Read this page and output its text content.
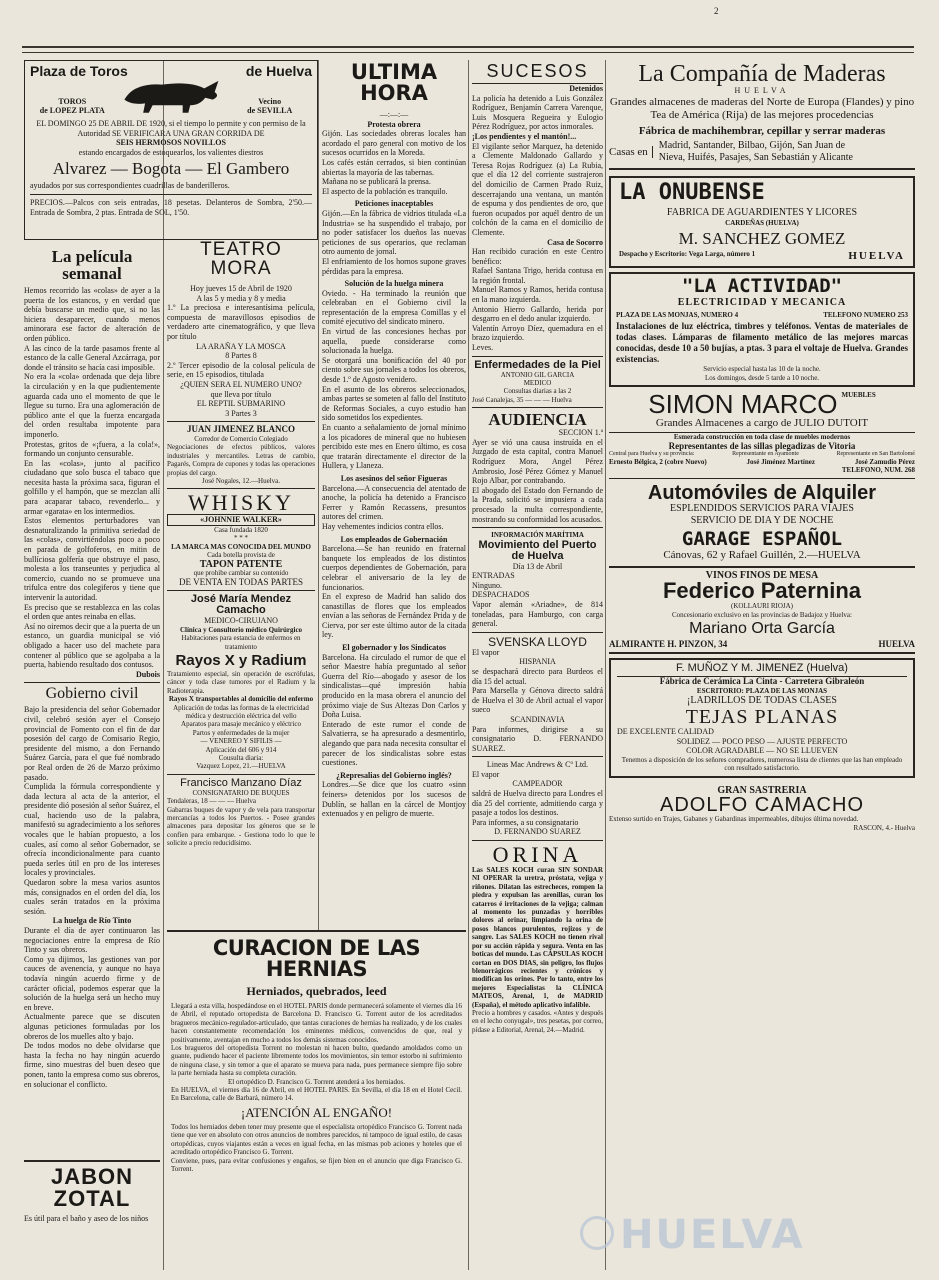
2
Plaza de Toros	de Huelva
TOROS
de LOPEZ PLATA
Vecino
de SEVILLA

EL DOMINGO 25 DE ABRIL DE 1920, si el tiempo lo permite y con permiso de la Autoridad SE VERIFICARA UNA GRAN CORRIDA DE

SEIS HERMOSOS NOVILLOS

estando encargados de estoquearlos, los valientes diestros

Alvarez — Bogota — El Gambero

ayudados por sus correspondientes cuadrillas de banderilleros.

PRECIOS.—Palcos con seis entradas, 18 pesetas. Delanteros de Sombra, 2'50.—Entrada de Sombra, 2 ptas. Entrada de SOL, 1'50.

La película semanal

Hemos recorrido las «colas» de ayer a la puerta de los estancos, y en verdad que debía buscarse un medio que, si no las hiciera desaparecer, cuando menos aminorara ese factor de alteración de orden público.

A las cinco de la tarde pasamos frente al estanco de la calle General Azcárraga, por donde el tránsito se hacía casi imposible.

No era la «cola» ordenada que deja libre la circulación y en la que pudientemente aguarda cada uno el momento de que le llegue su turno. Era una aglomeración de público ante el que la fuerza encargada del orden resultaba impotente para imponerlo.

Protestas, gritos de «¡fuera, a la cola!», formando un conjunto censurable.

En las «colas», junto al pacífico ciudadano que solo busca el tabaco que necesita hasta la próxima saca, figuran el golfillo y el hampón, que se mezclan allí para acaparar tabaco, revenderlo... y armar «garata» en los intermedios.

Estos elementos perturbadores van desnaturalizando la primitiva seriedad de las «colas», convirtiéndolas poco a poco en parada de golfoferos, en mitin de bullíciosa golfería que obstruye el paso, molesta a los transeuntes y perjudica al comercio, cuando no se promueve una trifulca entre dos colegiferos y tiene que intervenir la autoridad.

Es preciso que se restablezca en las colas el orden que antes reinaba en ellas.

Así no oiremos decir que a la puerta de un estanco, un guardia municipal se vió obligado a hacer uso del machete para contener al público que se agolpaba a la puerta, habiendo resultado dos contusos.

Dubois

Gobierno civil

Bajo la presidencia del señor Gobernador civil, celebró sesión ayer el Consejo provincial de Fomento con el fin de dar posesión del cargo de Comisario Regio, presidente del mismo, a don Fernando Suárez García, para el que fué nombrado por Real orden de 26 de Marzo próximo pasado.

Cumplida la fórmula correspondiente y dada lectura al acta de la anterior, el presidente dió posesión al señor Suárez, el cual, haciendo uso de la palabra, manifestó su agradecimiento a los señores vocales que le habían propuesto, a los cuales, así como al señor Gobernador, se ofrecía incondicionalmente para cuanto pueda serles útil en pro de los intereses locales y provinciales.

Quedaron sobre la mesa varios asuntos más, consignados en el orden del día, los cuales serán tratados en la próxima sesión.

La huelga de Río Tinto

Durante el día de ayer continuaron las negociaciones entre la empresa de Río Tinto y sus obreros.

Como ya dijimos, las gestiones van por cauces de avenencia, y aunque no haya todavía ningún acuerdo firme y de carácter oficial, podemos esperar que la solución de la huelga será un hecho muy en breve.

Actualmente parece que se discuten algunas peticiones formuladas por los obreros de los muelles alto y bajo.

De todos modos no debe olvidarse que hasta la fecha no hay ningún acuerdo firme, sino muestras del buen deseo que ponen, tanto la empresa como sus obreros, en solucionar el conflicto.

JABON ZOTAL

Es útil para el baño y aseo de los niños

TEATRO MORA

Hoy jueves 15 de Abril de 1920

A las 5 y media y 8 y media

1.º La preciosa e interesantísima película, compuesta de maravillosos episodios de verdadero arte cinematográfico, y que lleva por título

LA ARAÑA Y LA MOSCA

8 Partes 8

2.º Tercer episodio de la colosal película de serie, en 15 episodios, titulada

¿QUIEN SERA EL NUMERO UNO?

que lleva por título

EL REPTIL SUBMARINO

3 Partes 3

JUAN JIMENEZ BLANCO

Corredor de Comercio Colegiado

Negociaciones de efectos públicos, valores industriales y mercantiles. Letras de cambio, Pagarés, Compra de cupones y todas las operaciones propias del cargo.

José Nogales, 12.—Huelva.

WHISKY

«JOHNNIE WALKER»

Casa fundada 1820

* * *

LA MARCA MAS CONOCIDA DEL MUNDO

Cada botella provista de

TAPON PATENTE

que prohibe cambiar su contenido

DE VENTA EN TODAS PARTES

José María Mendez Camacho

MEDICO-CIRUJANO

Clínica y Consultorio médico Quirúrgico

Habitaciones para estancia de enfermos en tratamiento

Rayos X y Radium

Tratamiento especial, sin operación de escrófulas, cáncer y toda clase tumores por el Radium y la Radioterapia.

Rayos X transportables al domicilio del enfermo

Aplicación de todas las formas de la electricidad médica y destrucción eléctrica del vello

Aparatos para masaje mecánico y eléctrico

Partos y enfermedades de la mujer

— VENEREO Y SIFILIS —

Aplicación del 606 y 914

Cousulta diaria:

Vazquez Lopez, 21.—HUELVA

Francisco Manzano Díaz

CONSIGNATARIO DE BUQUES

Tendaleras, 18 — — — Huelva

Gabarras buques de vapor y de vela para transportar mercancías a todos los Puertos. - Posee grandes almacenes para depositar los géneros que se le confíen para embarque. - Gestiona todo lo que le solicite a precio reducidísimo.

ULTIMA HORA

—:—:—

Protesta obrera

Gijón. Las sociedades obreras locales han acordado el paro general con motivo de los sucesos ocurridos en la Moreda.

Los cafés están cerrados, si bien continúan abiertas la mayoría de las tabernas.

Mañana no se publicará la prensa.

El aspecto de la población es tranquilo.

Peticiones inaceptables

Gijón.—En la fábrica de vidrios titulada «La Industria» se ha suspendido el trabajo, por no poder satisfacer los dueños las nuevas peticiones de sus operarios, que reclaman otro aumento de jornal.

El enfriamiento de los hornos supone graves pérdidas para la empresa.

Solución de la huelga minera

Oviedo. - Ha terminado la reunión que celebraban en el Gobierno civil la representación de la empresa Comillas y el comité ejecutivo del sindicato minero.

En virtud de las concesiones hechas por aquella, puede considerarse como solucionada la huelga.

Se otorgará una bonificación del 40 por ciento sobre sus jornales a todos los obreros, desde 1.º de Agosto venidero.

En el asunto de los obreros seleccionados, ambas partes se someten al fallo del Instituto de Reformas Sociales, a cuyo estudio han sido sometidos los expedientes.

En cuanto a señalamiento de jornal mínimo a los picadores de mineral que no hubiesen percibido este mes en Enero último, es cosa que tratarán directamente el director de la Hullera, y Llaneza.

Los asesinos del señor Figueras

Barcelona.—A consecuencia del atentado de anoche, la policía ha detenido a Francisco Ferrer y Ramón Recassens, presuntos autores del crimen.

Hay vehementes indicios contra ellos.

Los empleados de Gobernación

Barcelona.—Se han reunido en fraternal banquete los empleados de los distintos cuerpos dependientes de Gobernación, para celebrar el aniversario de la ley de funcionarios.

En el expreso de Madrid han salido dos canastillas de flores que los empleados envían a las señoras de Fernández Prida y de Cierva, por ser este último autor de la citada ley.

El gobernador y los Sindicatos

Barcelona. Ha circulado el rumor de que el señor Maestre había preguntado al señor Guerra del Río—abogado y asesor de los sindicalistas—qué impresión había producido en la masa obrera el anuncio del próximo viaje de Sus Altezas Don Carlos y Doña Luisa.

Enterado de este rumor el conde de Salvatierra, se ha apresurado a desmentirlo, alegando que para nada necesita consultar el parecer de los sindicalistas sobre estas cuestiones.

¿Represalias del Gobierno inglés?

Londres.—Se dice que los cuatro «sinn feiners» detenidos por los sucesos de Dublín, se hallan en la cárcel de Montjoy extenuados y en peligro de muerte.

CURACION DE LAS HERNIAS

Herniados, quebrados, leed

Llegará a esta villa, hospedándose en el HOTEL PARIS donde permanecerá solamente el viernes día 16 de Abril, el reputado ortopedista de Barcelona D. Francisco G. Torrent autor de los acreditados bragueros mecánico-regulador-articulado, que tantas curaciones de hernias ha realizado, y de los cuales hacen constantemente recomendación los eminentes médicos, convencidos de que, real y positivamente, aventajan en mucho a todos los demás sistemas conocidos.

Los bragueros del ortopedista Torrent no molestan ni hacen bulto, quedando amoldados como un guante, pudiendo hacer el paciente libremente todos los movimientos, sin temor estorbo ni sufrimiento de ninguna clase, y sin temor a que el aparato se mueva para nada, pues permanece siempre fijo sobre la parte herniada hasta su completa curación.

El ortopédico D. Francisco G. Torrent atenderá a los herniados.

En HUELVA, el viernes día 16 de Abril, en el HOTEL PARIS. En Sevilla, el día 18 en el Hotel Cecil. En Barcelona, calle de Barbará, número 14.

¡ATENCIÓN AL ENGAÑO!

Todos los herniados deben tener muy presente que el especialista ortopédico Francisco G. Torrent nada tiene que ver en absoluto con otros anuncios de nombres parecidos, ni tampoco de igual estilo, de casas ortopédicas, cuyos viajantes están a veces en igual fecha, en las mismas pob aciones y hoteles que el acreditado ortopédico Francisco G. Torrent.

Conviene, pues, para evitar confusiones y engaños, se fijen bien en el anuncio que diga Francisco G. Torrent.

SUCESOS

Detenidos

La policía ha detenido a Luis González Rodríguez, Benjamín Carrera Varenque, Luis Mosquera Regueira y Eulogio Pérez Rodríguez, por actos inmorales.

¡Los pendientes y el mantón!...

El vigilante señor Marquez, ha detenido a Clemente Maldonado Gallardo y Teresa Rojas Rodríguez (a) La Rubia, que el día 12 del corriente sustrajeron del domicilio de Carmen Prado Ruiz, descerrajando una ventana, un mantón de espuma y dos pendientes de oro, que fueron ocupados por aquél dentro de un colchón de la cama en el domicilio de Clemente.

Casa de Socorro

Han recibido curación en este Centro benéfico:

Rafael Santana Trigo, herida contusa en la región frontal.

Manuel Ramos y Ramos, herida contusa en la mano izquierda.

Antonio Hierro Gallardo, herida por desgarro en el dedo anular izquierdo.

Valentín Arroyo Díez, quemadura en el brazo izquierdo.

Leves.

Enfermedades de la Piel

ANTONIO GIL GARCIA

MEDICO

Consultas diarias a las 2

José Canalejas, 35 — — — Huelva

AUDIENCIA

SECCION 1.ª

Ayer se vió una causa instruída en el Juzgado de esta capital, contra Manuel Rodríguez Mora, Angel Pérez Ambrosio, José Pérez Gómez y Manuel Rojo Albar, por contrabando.

El abogado del Estado don Fernando de la Prada, solicitó se impusiera a cada procesado la multa correspondiente, mostrando su conformidad los acusados.

INFORMACIÓN MARÍTIMA

Movimiento del Puerto de Huelva

Día 13 de Abril

ENTRADAS

Ninguno.

DESPACHADOS

Vapor alemán «Ariadne», de 814 toneladas, para Hamburgo, con carga general.

SVENSKA LLOYD

El vapor

HISPANIA

se despachará directo para Burdeos el día 15 del actual.

Para Marsella y Génova directo saldrá de Huelva el 30 de Abril actual el vapor sueco

SCANDINAVIA

Para informes, dirigirse a su consignatario D. FERNANDO SUAREZ.

Lineas Mac Andrews & Cº Ltd.

El vapor

CAMPEADOR

saldrá de Huelva directo para Londres el día 25 del corriente, admitiendo carga y pasaje a todos los destinos.

Para informes, a su consignatario

D. FERNANDO SUAREZ

ORINA

Las SALES KOCH curan SIN SONDAR NI OPERAR la uretra, próstata, vejiga y riñones. Dilatan las estrecheces, rompen la piedra y expulsan las arenillas, curan los catarros é irritaciones de la vejiga; calman al momento los punzadas y horribles dolores al orinar, limpiando la orina de posos blancos purulentos, rojizos y de sangre. Las SALES KOCH no tienen rival por su acción rápida y segura. Venta en las boticas del mundo. Las CÁPSULAS KOCH cortan en DOS DIAS, sin peligro, los flujos blenorrágicos recientes y crónicos y modifican los orines. Por lo tanto, entre los mejores Especialistas la CLÍNICA MATEOS, Arenal, 1, de MADRID (España), el método aplicativo infalible.

Precio a hombres y casados. «Antes y después en el lecho conyugal», tres pesetas, por correo, pídase a Editorial, Arenal, 24.—Madrid.

La Compañía de Maderas

HUELVA

Grandes almacenes de maderas del Norte de Europa (Flandes) y pino Tea de América (Rija) de las mejores procedencias

Fábrica de machihembrar, cepillar y serrar maderas

Casas en

Madrid, Santander, Bilbao, Gijón, San Juan de

Nieva, Huifés, Pasajes, San Sebastián y Alicante

LA ONUBENSE

FABRICA DE AGUARDIENTES Y LICORES

CARDEÑAS (HUELVA)

M. SANCHEZ GOMEZ
Despacho y Escritorio: Vega Larga, número 1	HUELVA
"LA ACTIVIDAD"

ELECTRICIDAD Y MECANICA

PLAZA DE LAS MONJAS, NUMERO 4	TELEFONO NUMERO 253

Instalaciones de luz eléctrica, timbres y teléfonos. Ventas de materiales de todas clases. Lámparas de filamento metálico de las mejores marcas conocidas, desde 10 a 50 bujías, a ptas. 3 para el voltaje de Huelva. Grandes existencias.

Servicio especial hasta las 10 de la noche.

Los domingos, desde 5 tarde a 10 noche.

SIMON MARCO MUEBLES

Grandes Almacenes a cargo de JULIO DUTOIT

Esmerada construcción en toda clase de muebles modernos

Representantes de las sillas plegadizas de Vitoria

Central para Huelva y su provincia:	Representante en Ayamonte	Representante en San Bartolomé
Ernesto Bélgica, 2 (cobre Nuevo)	José Jiménez Martínez	José Zamudio Pérez

TELEFONO, NUM. 268

Automóviles de Alquiler

ESPLENDIDOS SERVICIOS PARA VIAJES

SERVICIO DE DIA Y DE NOCHE

GARAGE ESPAÑOL

Cánovas, 62 y Rafael Guillén, 2.—HUELVA

VINOS FINOS DE MESA

Federico Paternina

(KOLLAURI RIOJA)

Concesionario exclusivo en las provincias de Badajoz y Huelva:

Mariano Orta García
ALMIRANTE H. PINZON, 34	HUELVA
F. MUÑOZ Y M. JIMENEZ (Huelva)

Fábrica de Cerámica La Cinta - Carretera Gibraleón

ESCRITORIO: PLAZA DE LAS MONJAS

¡LADRILLOS DE TODAS CLASES

TEJAS PLANAS

DE EXCELENTE CALIDAD

SOLIDEZ — POCO PESO — AJUSTE PERFECTO

COLOR AGRADABLE — NO SE LLUEVEN

Tenemos a disposición de los señores compradores, numerosa lista de clientes que las han empleado con resultado satisfactorio.

GRAN SASTRERIA

ADOLFO CAMACHO

Extenso surtido en Trajes, Gabanes y Gabardinas impermeables, dibujos última novedad.

RASCON, 4.- Huelva

HUELVA
